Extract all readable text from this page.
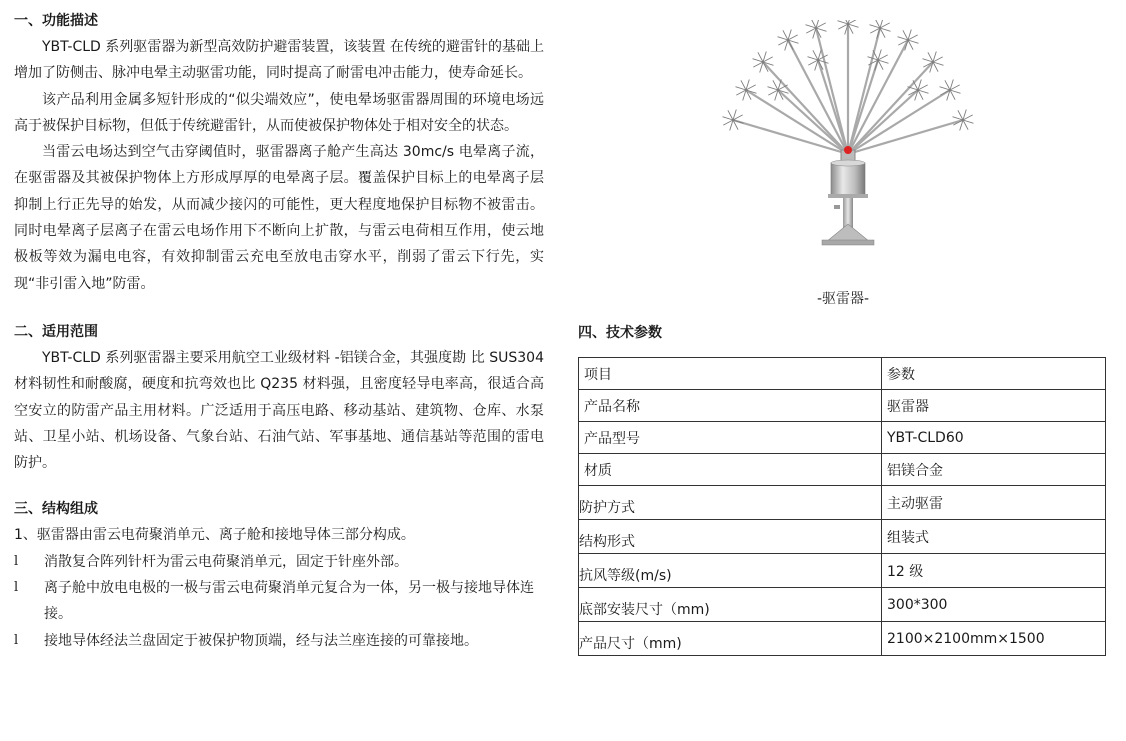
一、功能描述

YBT-CLD 系列驱雷器为新型高效防护避雷装置，该装置 在传统的避雷针的基础上增加了防侧击、脉冲电晕主动驱雷功能，同时提高了耐雷电冲击能力，使寿命延长。

该产品利用金属多短针形成的“似尖端效应”，使电晕场驱雷器周围的环境电场远高于被保护目标物，但低于传统避雷针，从而使被保护物体处于相对安全的状态。

当雷云电场达到空气击穿阈值时，驱雷器离子舱产生高达 30mc/s 电晕离子流，在驱雷器及其被保护物体上方形成厚厚的电晕离子层。覆盖保护目标上的电晕离子层抑制上行正先导的始发，从而减少接闪的可能性，更大程度地保护目标物不被雷击。同时电晕离子层离子在雷云电场作用下不断向上扩散，与雷云电荷相互作用，使云地极板等效为漏电电容，有效抑制雷云充电至放电击穿水平，削弱了雷云下行先，实现“非引雷入地”防雷。

二、适用范围

YBT-CLD 系列驱雷器主要采用航空工业级材料 -铝镁合金，其强度勘 比 SUS304 材料韧性和耐酸腐，硬度和抗弯效也比 Q235 材料强，且密度轻导电率高，很适合高空安立的防雷产品主用材料。广泛适用于高压电路、移动基站、建筑物、仓库、水泵站、卫星小站、机场设备、气象台站、石油气站、军事基地、通信基站等范围的雷电防护。

三、结构组成

1、驱雷器由雷云电荷聚消单元、离子舱和接地导体三部分构成。

l 消散复合阵列针杆为雷云电荷聚消单元，固定于针座外部。

l 离子舱中放电电极的一极与雷云电荷聚消单元复合为一体，另一极与接地导体连接。

l 接地导体经法兰盘固定于被保护物顶端，经与法兰座连接的可靠接地。

-驱雷器-
四、技术参数
项目	参数
产品名称	驱雷器
产品型号	YBT-CLD60
材质	铝镁合金
防护方式	主动驱雷
结构形式	组装式
抗风等级(m/s)	12 级
底部安装尺寸（mm)	300*300
产品尺寸（mm)	2100×2100mm×1500
